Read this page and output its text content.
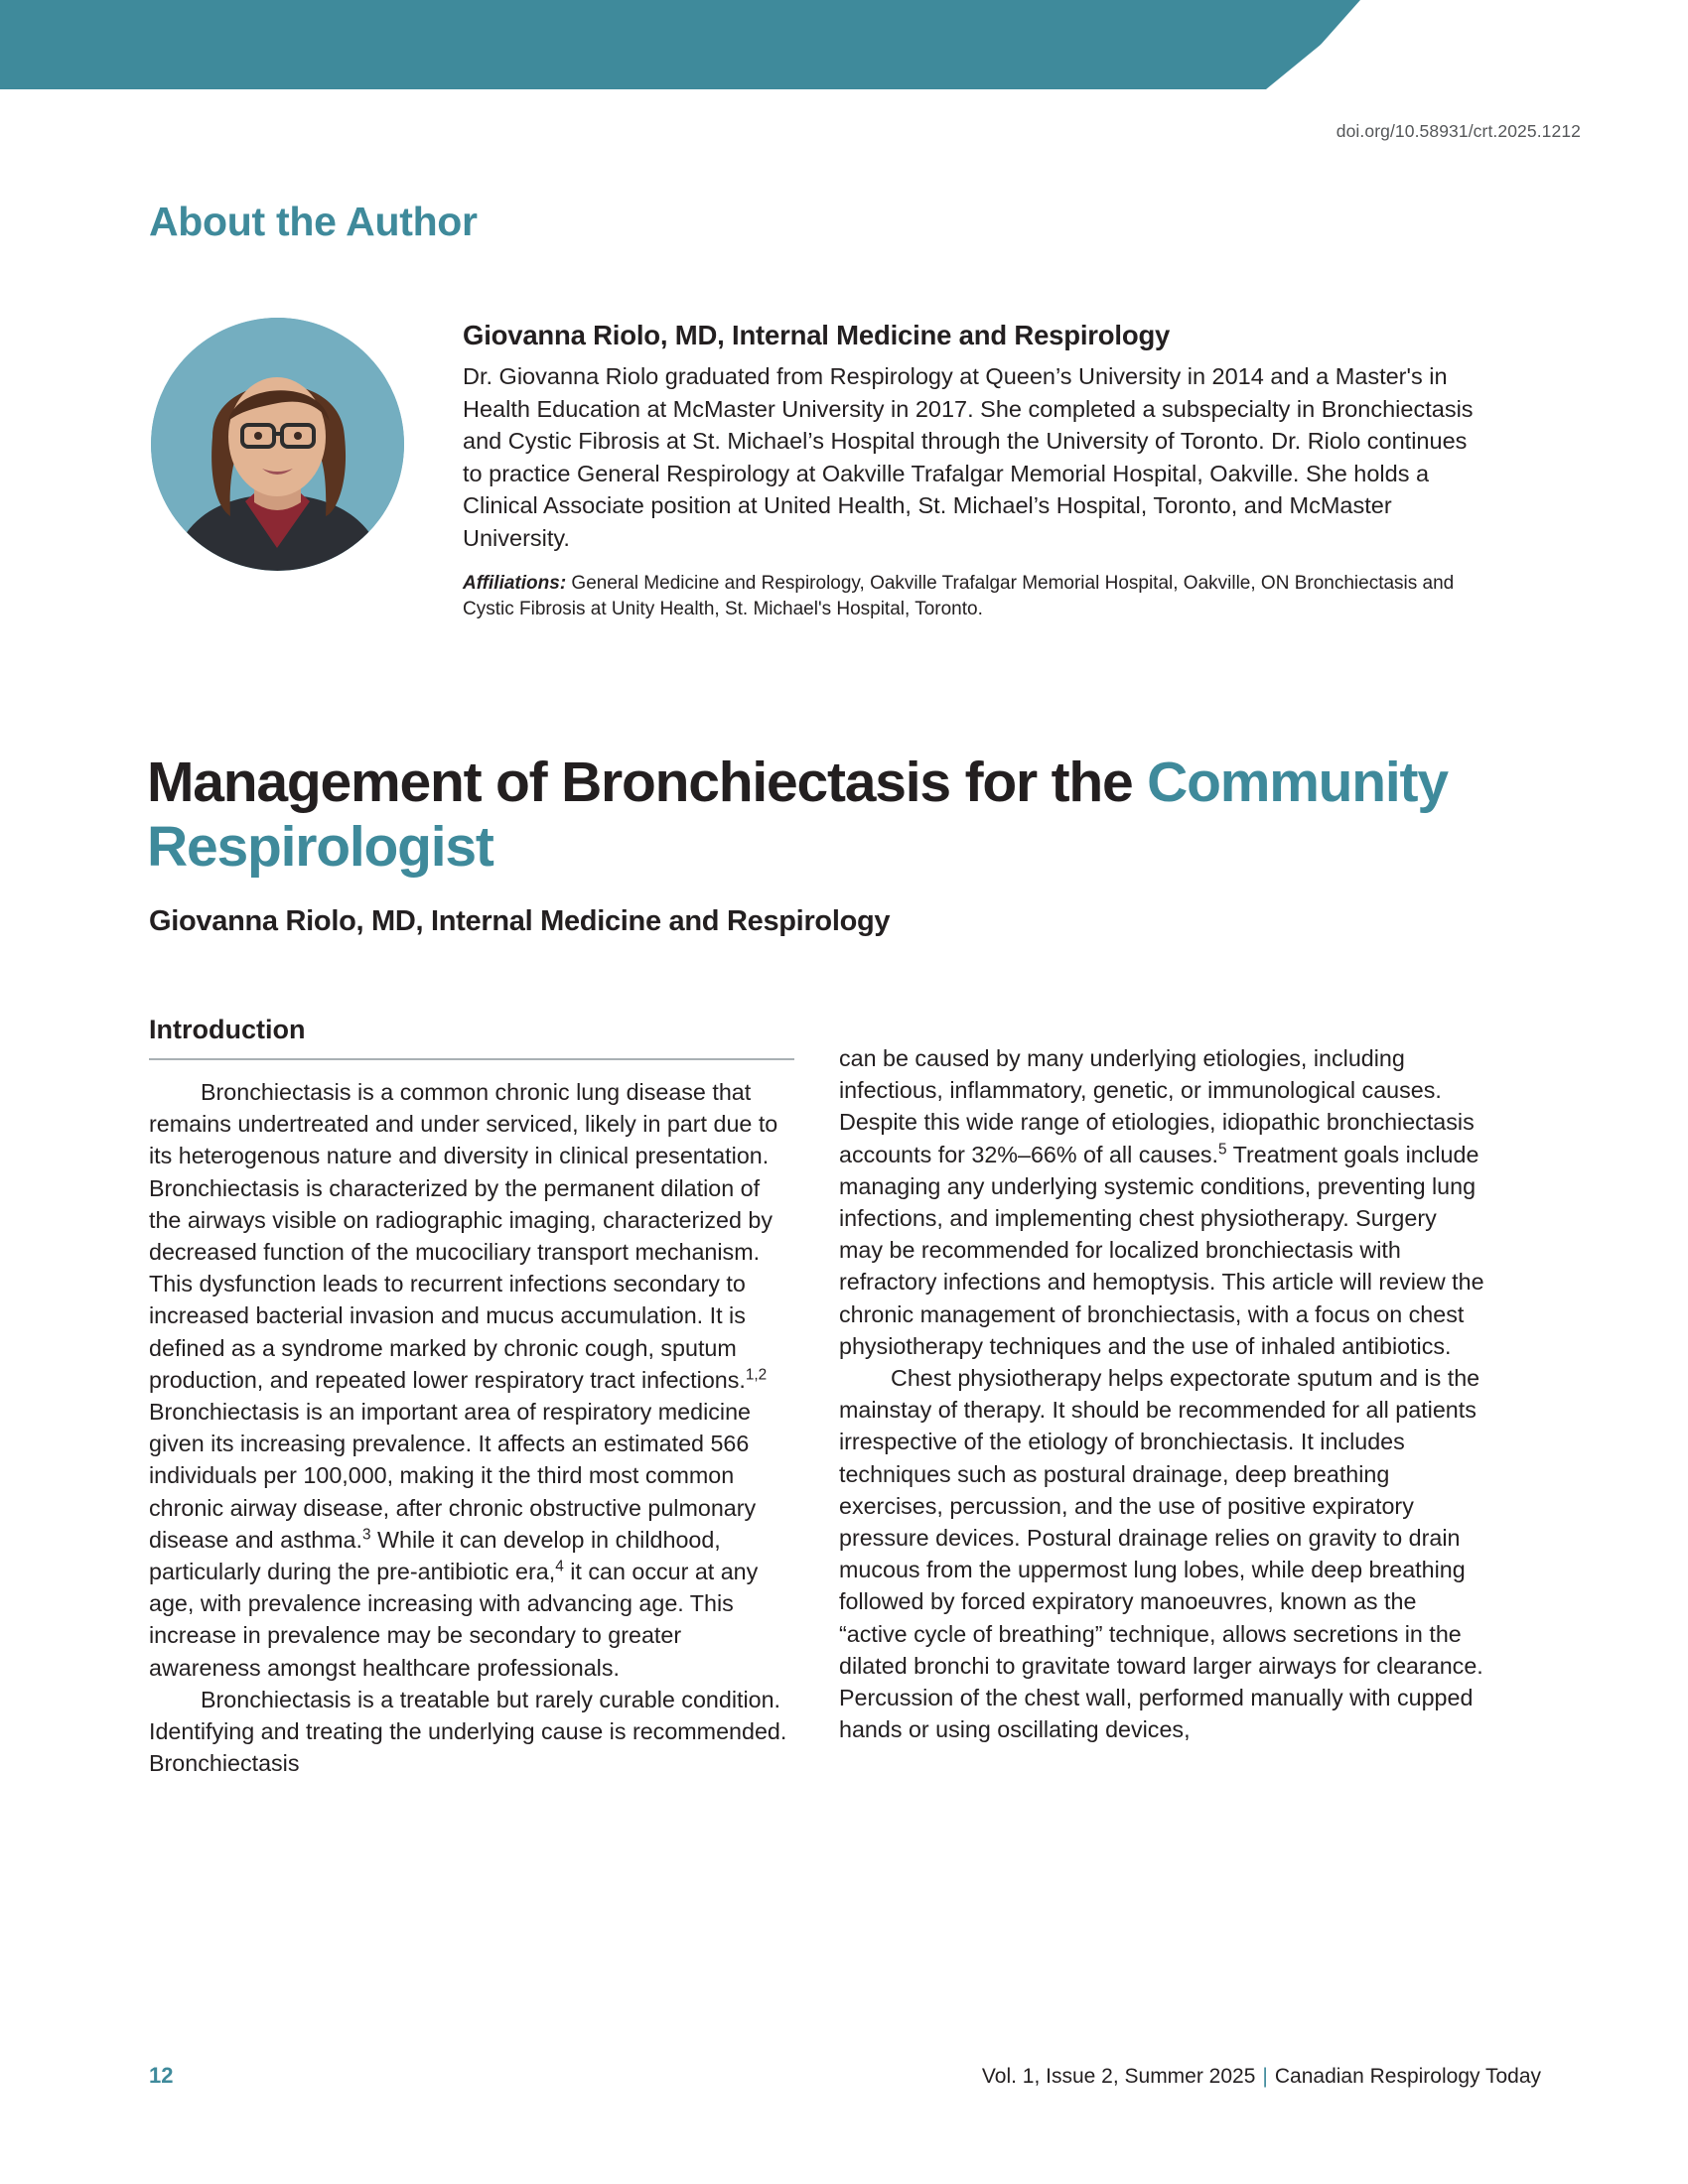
doi.org/10.58931/crt.2025.1212
About the Author
Giovanna Riolo, MD, Internal Medicine and Respirology
Dr. Giovanna Riolo graduated from Respirology at Queen’s University in 2014 and a Master's in Health Education at McMaster University in 2017. She completed a subspecialty in Bronchiectasis and Cystic Fibrosis at St. Michael’s Hospital through the University of Toronto. Dr. Riolo continues to practice General Respirology at Oakville Trafalgar Memorial Hospital, Oakville. She holds a Clinical Associate position at United Health, St. Michael’s Hospital, Toronto, and McMaster University.
Affiliations: General Medicine and Respirology, Oakville Trafalgar Memorial Hospital, Oakville, ON Bronchiectasis and Cystic Fibrosis at Unity Health, St. Michael's Hospital, Toronto.
Management of Bronchiectasis for the Community Respirologist
Giovanna Riolo, MD, Internal Medicine and Respirology
Introduction

Bronchiectasis is a common chronic lung disease that remains undertreated and under serviced, likely in part due to its heterogenous nature and diversity in clinical presentation. Bronchiectasis is characterized by the permanent dilation of the airways visible on radiographic imaging, characterized by decreased function of the mucociliary transport mechanism. This dysfunction leads to recurrent infections secondary to increased bacterial invasion and mucus accumulation. It is defined as a syndrome marked by chronic cough, sputum production, and repeated lower respiratory tract infections.$^{1,2}$ Bronchiectasis is an important area of respiratory medicine given its increasing prevalence. It affects an estimated 566 individuals per 100,000, making it the third most common chronic airway disease, after chronic obstructive pulmonary disease and asthma.$^3$ While it can develop in childhood, particularly during the pre-antibiotic era,$^4$ it can occur at any age, with prevalence increasing with advancing age. This increase in prevalence may be secondary to greater awareness amongst healthcare professionals.

Bronchiectasis is a treatable but rarely curable condition. Identifying and treating the underlying cause is recommended. Bronchiectasis

can be caused by many underlying etiologies, including infectious, inflammatory, genetic, or immunological causes. Despite this wide range of etiologies, idiopathic bronchiectasis accounts for 32%–66% of all causes.$^5$ Treatment goals include managing any underlying systemic conditions, preventing lung infections, and implementing chest physiotherapy. Surgery may be recommended for localized bronchiectasis with refractory infections and hemoptysis. This article will review the chronic management of bronchiectasis, with a focus on chest physiotherapy techniques and the use of inhaled antibiotics.

Chest physiotherapy helps expectorate sputum and is the mainstay of therapy. It should be recommended for all patients irrespective of the etiology of bronchiectasis. It includes techniques such as postural drainage, deep breathing exercises, percussion, and the use of positive expiratory pressure devices. Postural drainage relies on gravity to drain mucous from the uppermost lung lobes, while deep breathing followed by forced expiratory manoeuvres, known as the “active cycle of breathing” technique, allows secretions in the dilated bronchi to gravitate toward larger airways for clearance. Percussion of the chest wall, performed manually with cupped hands or using oscillating devices,

12	Vol. 1, Issue 2, Summer 2025 | Canadian Respirology Today
